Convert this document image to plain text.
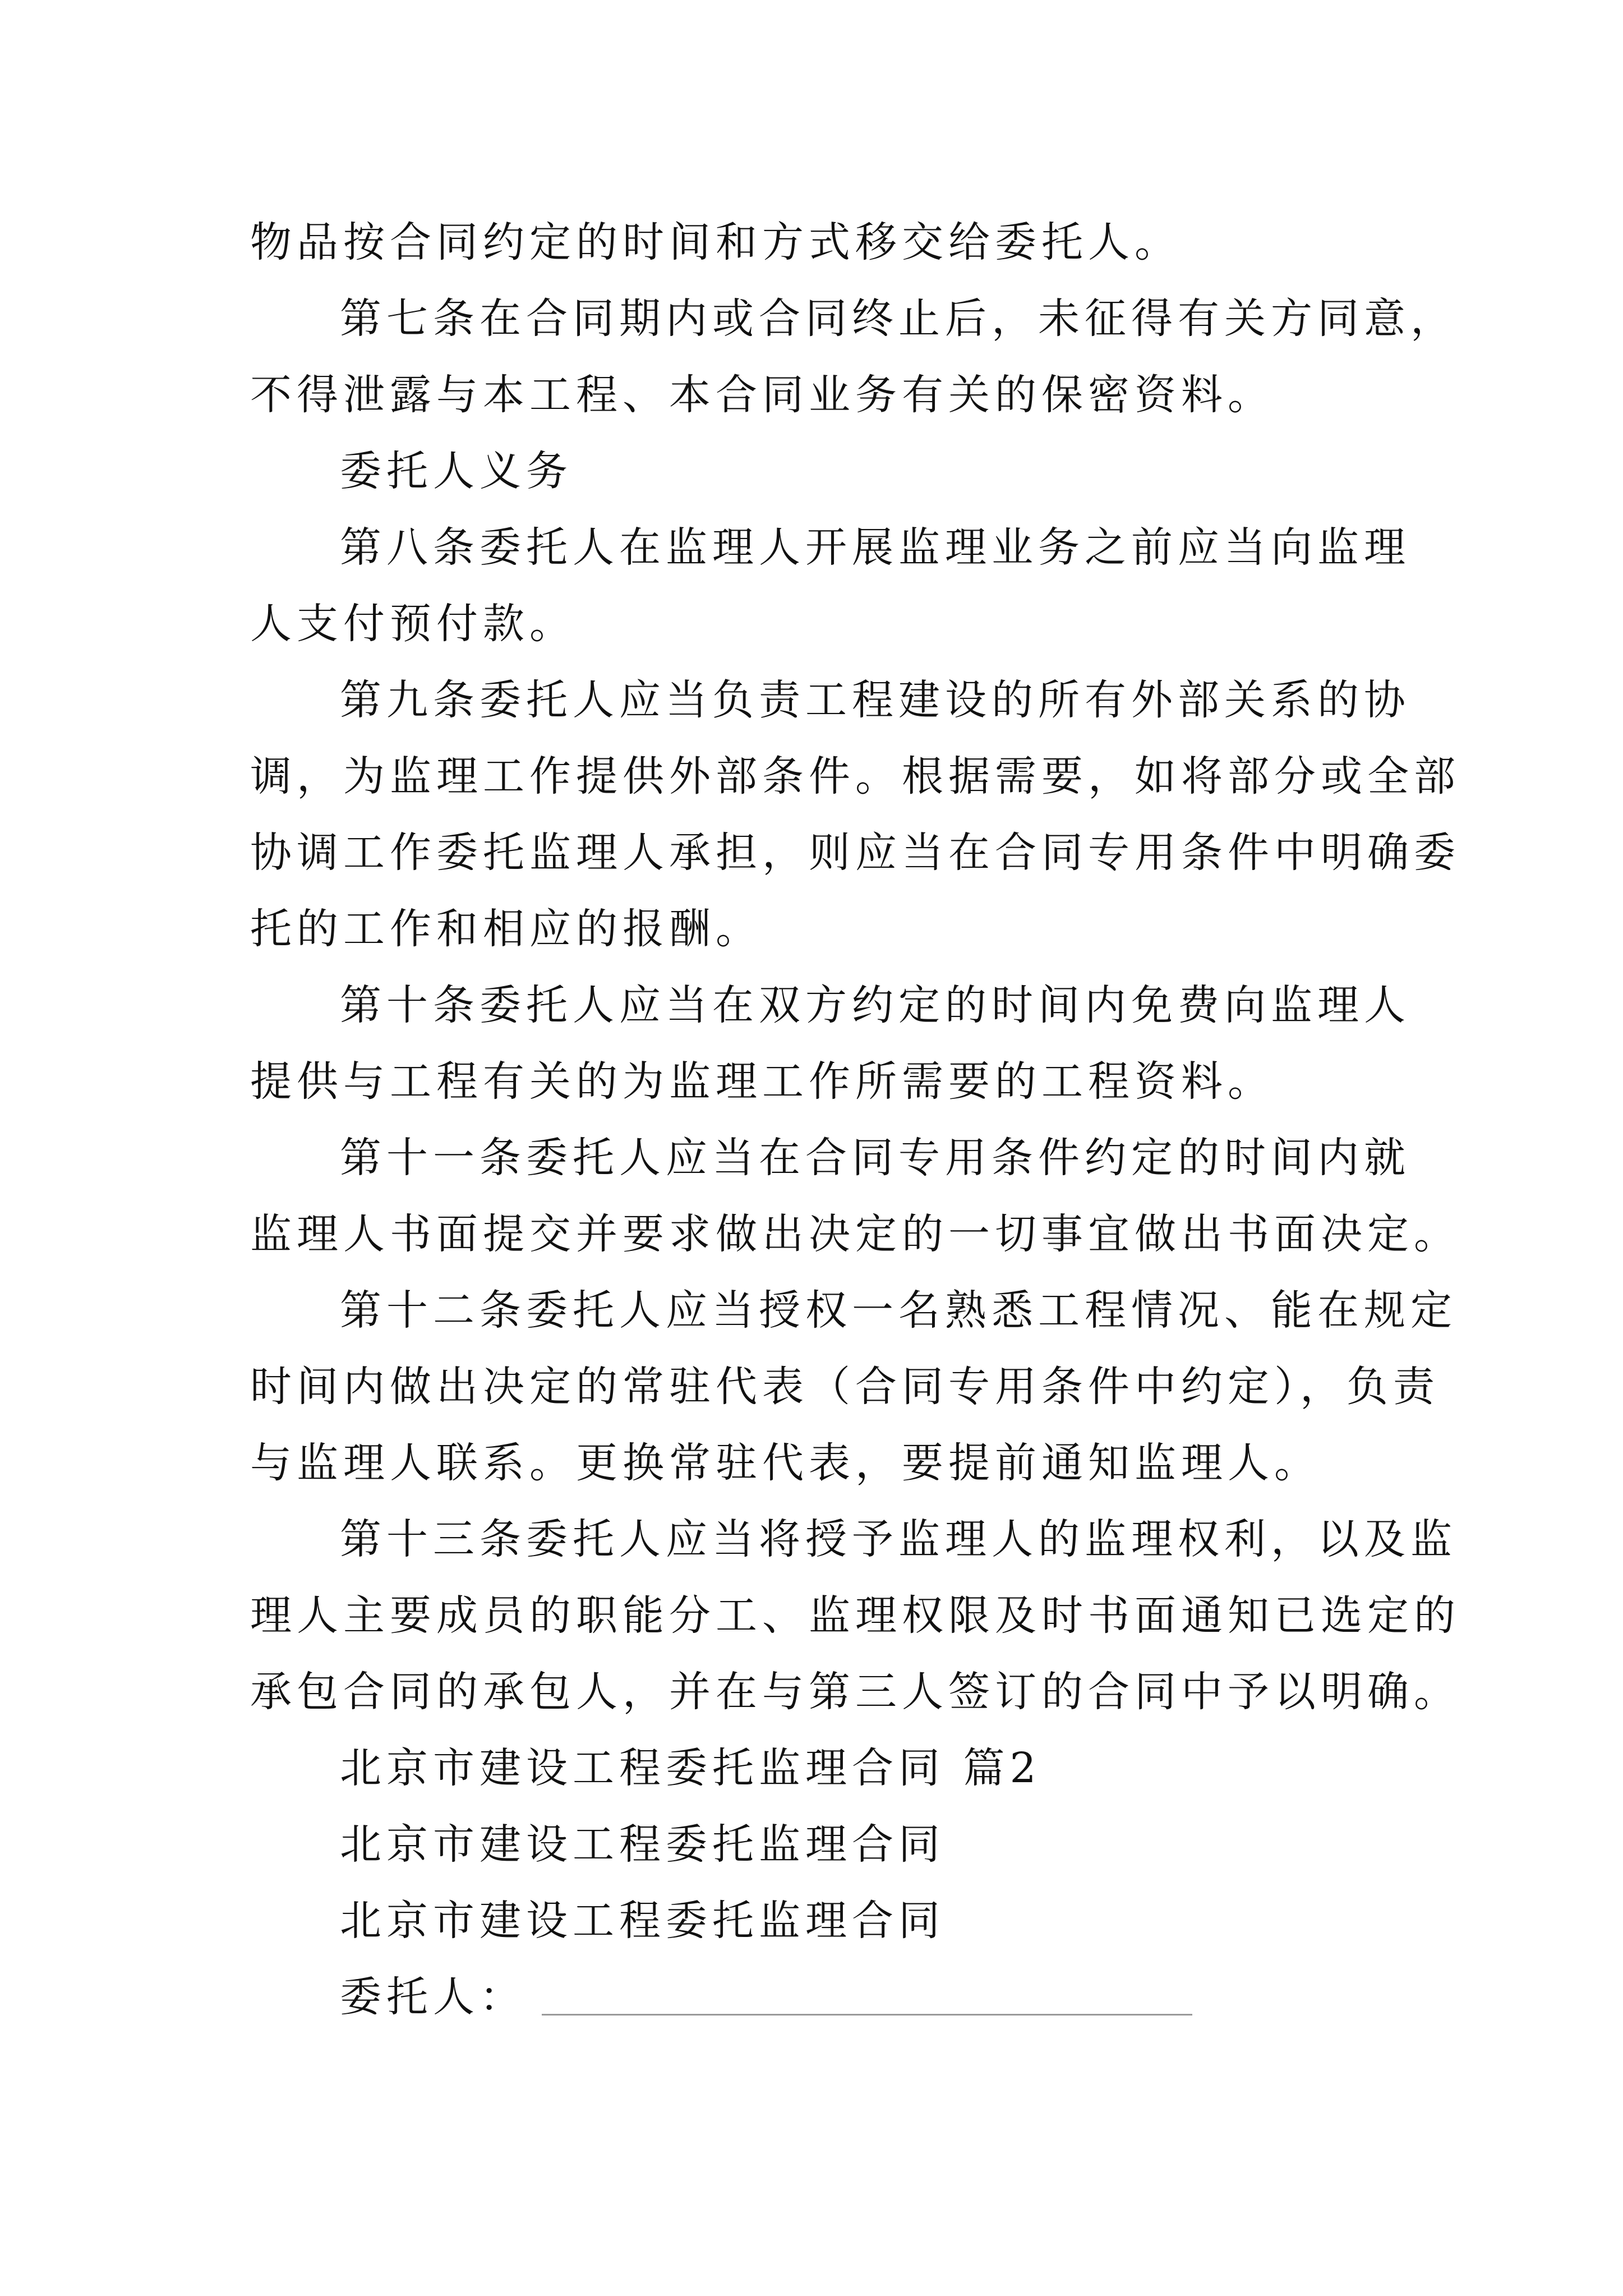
物品按合同约定的时间和方式移交给委托人。
第七条在合同期内或合同终止后，未征得有关方同意，
不得泄露与本工程、本合同业务有关的保密资料。
委托人义务
第八条委托人在监理人开展监理业务之前应当向监理
人支付预付款。
第九条委托人应当负责工程建设的所有外部关系的协
调，为监理工作提供外部条件。根据需要，如将部分或全部
协调工作委托监理人承担，则应当在合同专用条件中明确委
托的工作和相应的报酬。
第十条委托人应当在双方约定的时间内免费向监理人
提供与工程有关的为监理工作所需要的工程资料。
第十一条委托人应当在合同专用条件约定的时间内就
监理人书面提交并要求做出决定的一切事宜做出书面决定。
第十二条委托人应当授权一名熟悉工程情况、能在规定
时间内做出决定的常驻代表（合同专用条件中约定），负责
与监理人联系。更换常驻代表，要提前通知监理人。
第十三条委托人应当将授予监理人的监理权利，以及监
理人主要成员的职能分工、监理权限及时书面通知已选定的
承包合同的承包人，并在与第三人签订的合同中予以明确。
北京市建设工程委托监理合同 篇2
北京市建设工程委托监理合同
北京市建设工程委托监理合同
委托人：
